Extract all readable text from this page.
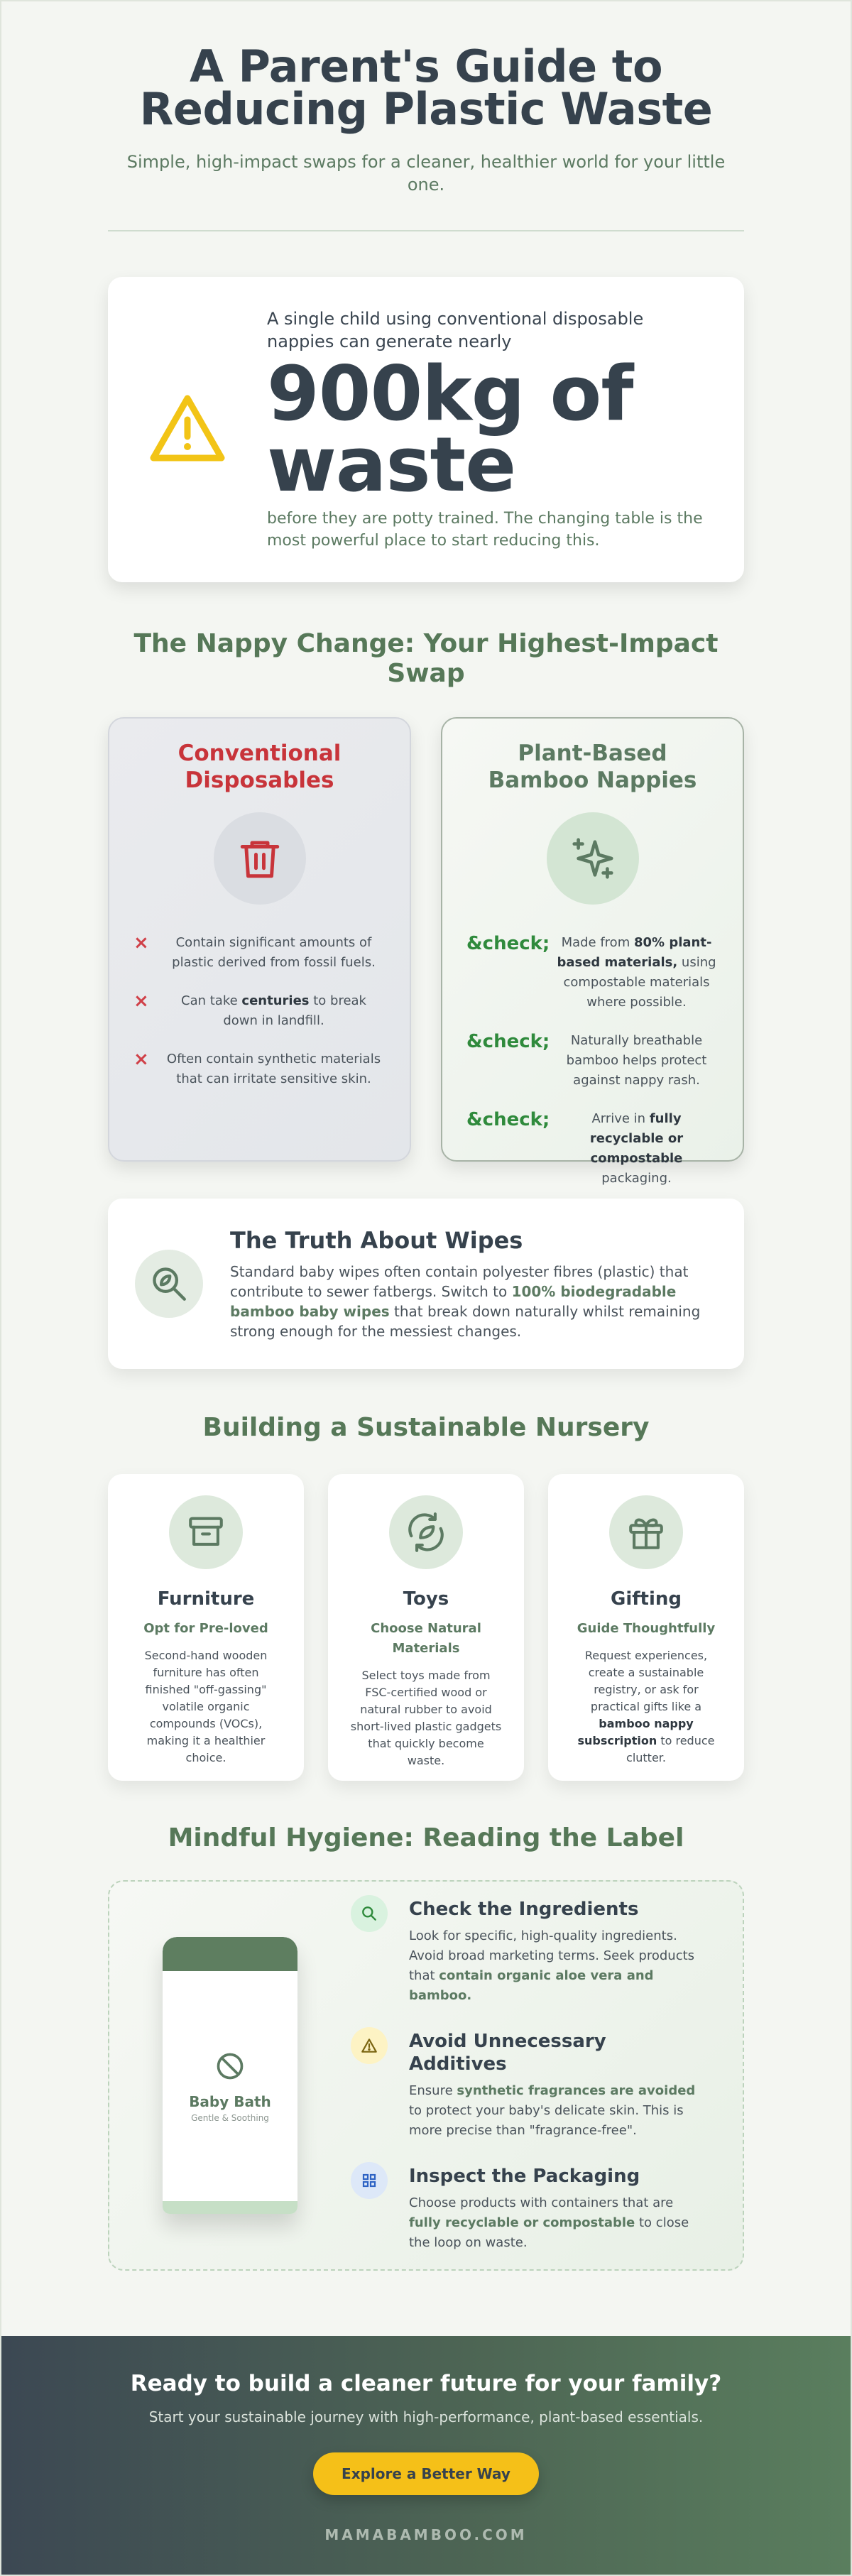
A Parent's Guide to
Reducing Plastic Waste

Simple, high-impact swaps for a cleaner, healthier world for your little one.

A single child using conventional disposable nappies can generate nearly

900kg of
waste

before they are potty trained. The changing table is the most powerful place to start reducing this.

The Nappy Change: Your Highest-Impact Swap
Conventional Disposables
×	Contain significant amounts of plastic derived from fossil fuels.
×	Can take centuries to break down in landfill.
×	Often contain synthetic materials that can irritate sensitive skin.
Plant-Based Bamboo Nappies
&check; Made from 80% plant-based materials, using compostable materials where possible.
&check;	Naturally breathable bamboo helps protect against nappy rash.
&check;	Arrive in fully recyclable or compostable packaging.
The Truth About Wipes

Standard baby wipes often contain polyester fibres (plastic) that contribute to sewer fatbergs. Switch to 100% biodegradable bamboo baby wipes that break down naturally whilst remaining strong enough for the messiest changes.

Building a Sustainable Nursery
Furniture

Opt for Pre-loved

Second-hand wooden furniture has often finished "off-gassing" volatile organic compounds (VOCs), making it a healthier choice.

Toys

Choose Natural Materials

Select toys made from FSC-certified wood or natural rubber to avoid short-lived plastic gadgets that quickly become waste.

Gifting

Guide Thoughtfully

Request experiences, create a sustainable registry, or ask for practical gifts like a bamboo nappy subscription to reduce clutter.

Mindful Hygiene: Reading the Label

Baby Bath

Gentle & Soothing

Check the Ingredients

Look for specific, high-quality ingredients. Avoid broad marketing terms. Seek products that contain organic aloe vera and bamboo.

Avoid Unnecessary Additives

Ensure synthetic fragrances are avoided to protect your baby's delicate skin. This is more precise than "fragrance-free".

Inspect the Packaging

Choose products with containers that are fully recyclable or compostable to close the loop on waste.

Ready to build a cleaner future for your family?

Start your sustainable journey with high-performance, plant-based essentials.

Explore a Better Way

MAMABAMBOO.COM
